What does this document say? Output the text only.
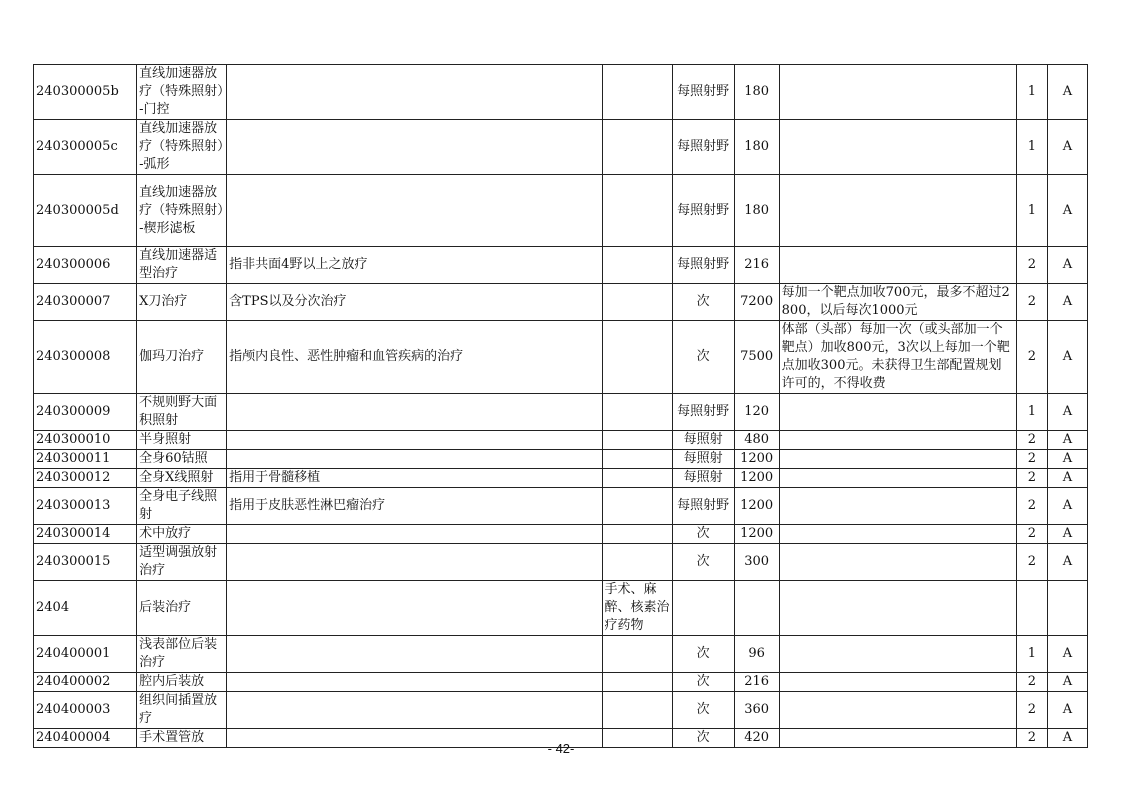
240300005b	直线加速器放疗（特殊照射）-门控			每照射野	180		1	A
240300005c	直线加速器放疗（特殊照射）-弧形			每照射野	180		1	A
240300005d	直线加速器放疗（特殊照射）-楔形滤板			每照射野	180		1	A
240300006	直线加速器适型治疗	指非共面4野以上之放疗		每照射野	216		2	A
240300007	X刀治疗	含TPS以及分次治疗		次	7200	每加一个靶点加收700元，最多不超过2800，以后每次1000元	2	A
240300008	伽玛刀治疗	指颅内良性、恶性肿瘤和血管疾病的治疗		次	7500	体部（头部）每加一次（或头部加一个靶点）加收800元，3次以上每加一个靶点加收300元。未获得卫生部配置规划许可的，不得收费	2	A
240300009	不规则野大面积照射			每照射野	120		1	A
240300010	半身照射			每照射	480		2	A
240300011	全身60钴照			每照射	1200		2	A
240300012	全身X线照射	指用于骨髓移植		每照射	1200		2	A
240300013	全身电子线照射	指用于皮肤恶性淋巴瘤治疗		每照射野	1200		2	A
240300014	术中放疗			次	1200		2	A
240300015	适型调强放射治疗			次	300		2	A
2404	后装治疗		手术、麻醉、核素治疗药物					
240400001	浅表部位后装治疗			次	96		1	A
240400002	腔内后装放			次	216		2	A
240400003	组织间插置放疗			次	360		2	A
240400004	手术置管放			次	420		2	A
- 42-
